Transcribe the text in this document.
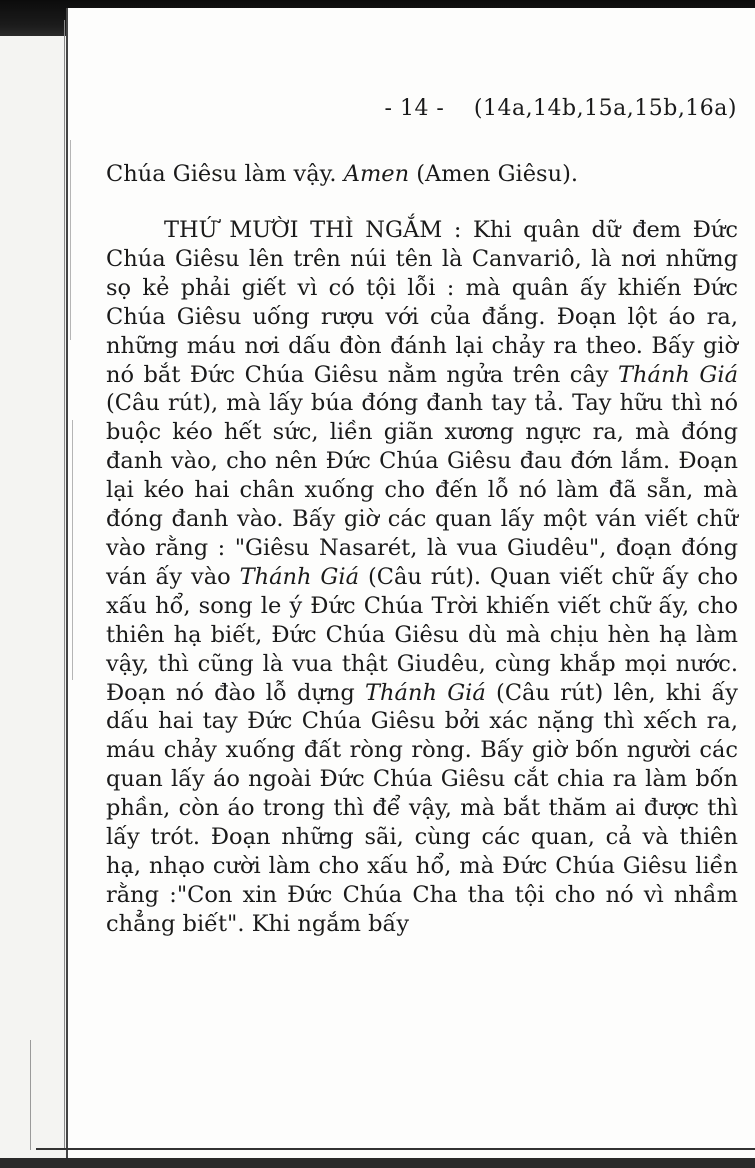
- 14 - (14a,14b,15a,15b,16a)
Chúa Giêsu làm vậy. Amen (Amen Giêsu).
THỨ MƯỜI THÌ NGẮM : Khi quân dữ đem Đức Chúa Giêsu lên trên núi tên là Canvariô, là nơi những sọ kẻ phải giết vì có tội lỗi : mà quân ấy khiến Đức Chúa Giêsu uống rượu với của đắng. Đoạn lột áo ra, những máu nơi dấu đòn đánh lại chảy ra theo. Bấy giờ nó bắt Đức Chúa Giêsu nằm ngửa trên cây Thánh Giá (Câu rút), mà lấy búa đóng đanh tay tả. Tay hữu thì nó buộc kéo hết sức, liền giãn xương ngực ra, mà đóng đanh vào, cho nên Đức Chúa Giêsu đau đớn lắm. Đoạn lại kéo hai chân xuống cho đến lỗ nó làm đã sẵn, mà đóng đanh vào. Bấy giờ các quan lấy một ván viết chữ vào rằng : "Giêsu Nasarét, là vua Giudêu", đoạn đóng ván ấy vào Thánh Giá (Câu rút). Quan viết chữ ấy cho xấu hổ, song le ý Đức Chúa Trời khiến viết chữ ấy, cho thiên hạ biết, Đức Chúa Giêsu dù mà chịu hèn hạ làm vậy, thì cũng là vua thật Giudêu, cùng khắp mọi nước. Đoạn nó đào lỗ dựng Thánh Giá (Câu rút) lên, khi ấy dấu hai tay Đức Chúa Giêsu bởi xác nặng thì xếch ra, máu chảy xuống đất ròng ròng. Bấy giờ bốn người các quan lấy áo ngoài Đức Chúa Giêsu cắt chia ra làm bốn phần, còn áo trong thì để vậy, mà bắt thăm ai được thì lấy trót. Đoạn những sãi, cùng các quan, cả và thiên hạ, nhạo cười làm cho xấu hổ, mà Đức Chúa Giêsu liền rằng :"Con xin Đức Chúa Cha tha tội cho nó vì nhầm chẳng biết". Khi ngắm bấy
